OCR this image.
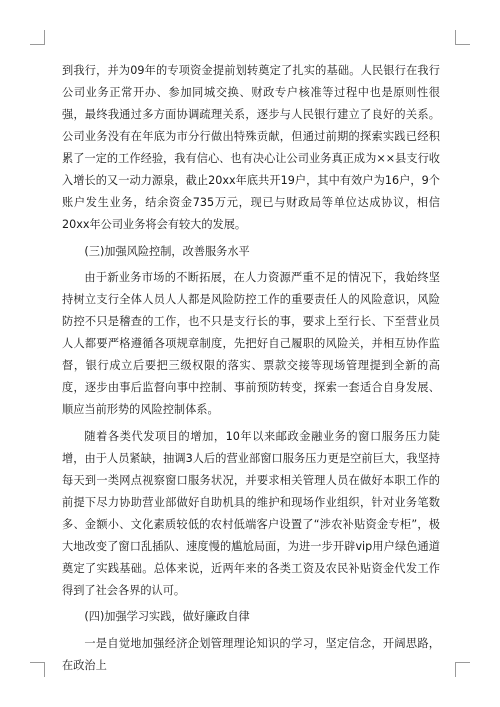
到我行，并为09年的专项资金提前划转奠定了扎实的基础。人民银行在我行公司业务正常开办、参加同城交换、财政专户核准等过程中也是原则性很强，最终我通过多方面协调疏理关系，逐步与人民银行建立了良好的关系。公司业务没有在年底为市分行做出特殊贡献，但通过前期的探索实践已经积累了一定的工作经验，我有信心、也有决心让公司业务真正成为××县支行收入增长的又一动力源泉，截止20xx年底共开19户，其中有效户为16户，9个账户发生业务，结余资金735万元，现已与财政局等单位达成协议，相信20xx年公司业务将会有较大的发展。

(三)加强风险控制，改善服务水平

由于新业务市场的不断拓展，在人力资源严重不足的情况下，我始终坚持树立支行全体人员人人都是风险防控工作的重要责任人的风险意识，风险防控不只是稽查的工作，也不只是支行长的事，要求上至行长、下至营业员人人都要严格遵循各项规章制度，先把好自己履职的风险关，并相互协作监督，银行成立后要把三级权限的落实、票款交接等现场管理提到全新的高度，逐步由事后监督向事中控制、事前预防转变，探索一套适合自身发展、顺应当前形势的风险控制体系。

随着各类代发项目的增加，10年以来邮政金融业务的窗口服务压力陡增，由于人员紧缺，抽调3人后的营业部窗口服务压力更是空前巨大，我坚持每天到一类网点视察窗口服务状况，并要求相关管理人员在做好本职工作的前提下尽力协助营业部做好自助机具的维护和现场作业组织，针对业务笔数多、金额小、文化素质较低的农村低端客户设置了“涉农补贴资金专柜”，极大地改变了窗口乱插队、速度慢的尴尬局面，为进一步开辟vip用户绿色通道奠定了实践基础。总体来说，近两年来的各类工资及农民补贴资金代发工作得到了社会各界的认可。

(四)加强学习实践，做好廉政自律

一是自觉地加强经济企划管理理论知识的学习，坚定信念，开阔思路，在政治上
